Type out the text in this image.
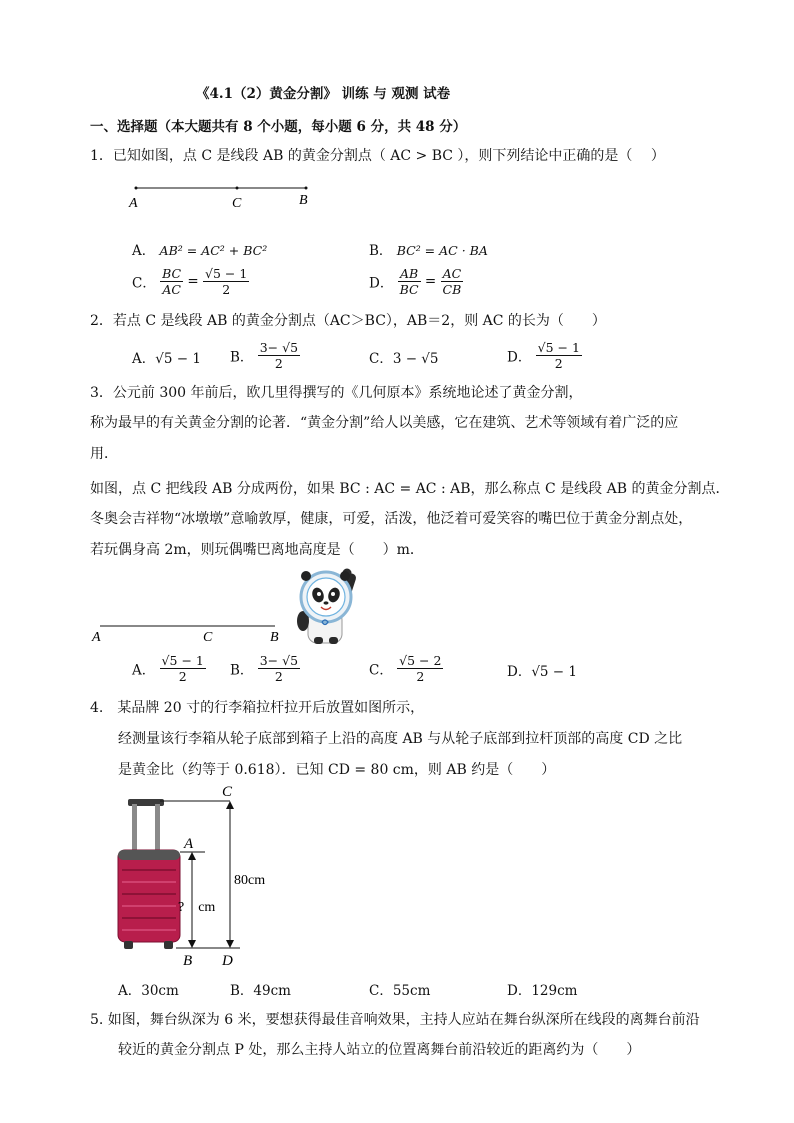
《4.1（2）黄金分割》 训练 与 观测 试卷
一、选择题（本大题共有 8 个小题，每小题 6 分，共 48 分）
1．已知如图，点 C 是线段 AB 的黄金分割点（ AC > BC ），则下列结论中正确的是（　 ）
A	C	B
A． AB² = AC² + BC²	B． BC² = AC · BA
C． $\frac{BC}{AC} = \frac{√5 - 1}{2}$	D． $\frac{AB}{BC} = \frac{AC}{CB}$
2．若点 C 是线段 AB 的黄金分割点（AC＞BC），AB＝2，则 AC 的长为（　　）
A．√5 − 1 B． $\frac{3- √5}{2}$	C．3 − √5	D． $\frac{√5 - 1}{2}$
3．公元前 300 年前后，欧几里得撰写的《几何原本》系统地论述了黄金分割，
称为最早的有关黄金分割的论著．“黄金分割”给人以美感，它在建筑、艺术等领域有着广泛的应
用．
如图，点 C 把线段 AB 分成两份，如果 BC : AC = AC : AB，那么称点 C 是线段 AB 的黄金分割点．
冬奥会吉祥物“冰墩墩”意喻敦厚，健康，可爱，活泼，他泛着可爱笑容的嘴巴位于黄金分割点处，
若玩偶身高 2m，则玩偶嘴巴离地高度是（　　）m．
A	C	B
A． $\frac{√5 - 1}{2}$ B． $\frac{3- √5}{2}$	C． $\frac{√5 - 2}{2}$	D．√5 − 1
4.　某品牌 20 寸的行李箱拉杆拉开后放置如图所示，
经测量该行李箱从轮子底部到箱子上沿的高度 AB 与从轮子底部到拉杆顶部的高度 CD 之比
是黄金比（约等于 0.618）．已知 CD = 80 cm，则 AB 约是（　　）
C
A
?　cm
80cm
B D
A．30cm	B．49cm	C．55cm	D．129cm
5. 如图，舞台纵深为 6 米，要想获得最佳音响效果，主持人应站在舞台纵深所在线段的离舞台前沿
较近的黄金分割点 P 处，那么主持人站立的位置离舞台前沿较近的距离约为（　　）
